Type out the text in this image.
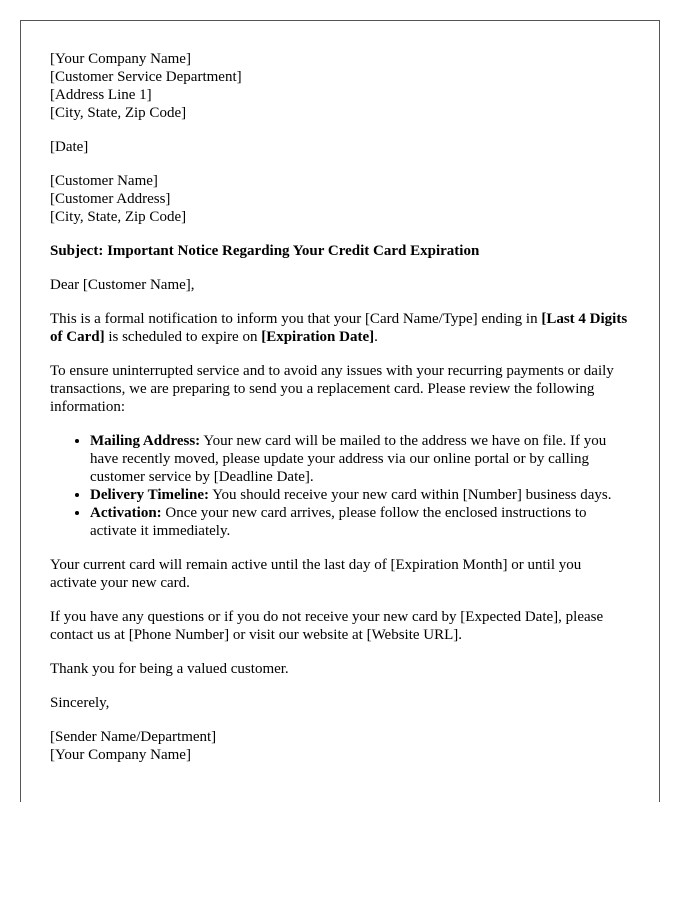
[Your Company Name]
[Customer Service Department]
[Address Line 1]
[City, State, Zip Code]
[Date]
[Customer Name]
[Customer Address]
[City, State, Zip Code]

Subject: Important Notice Regarding Your Credit Card Expiration

Dear [Customer Name],

This is a formal notification to inform you that your [Card Name/Type] ending in [Last 4 Digits of Card] is scheduled to expire on [Expiration Date].

To ensure uninterrupted service and to avoid any issues with your recurring payments or daily transactions, we are preparing to send you a replacement card. Please review the following information:

• Mailing Address: Your new card will be mailed to the address we have on file. If you have recently moved, please update your address via our online portal or by calling customer service by [Deadline Date].
• Delivery Timeline: You should receive your new card within [Number] business days.
• Activation: Once your new card arrives, please follow the enclosed instructions to activate it immediately.

Your current card will remain active until the last day of [Expiration Month] or until you activate your new card.

If you have any questions or if you do not receive your new card by [Expected Date], please contact us at [Phone Number] or visit our website at [Website URL].

Thank you for being a valued customer.

Sincerely,

[Sender Name/Department]
[Your Company Name]
